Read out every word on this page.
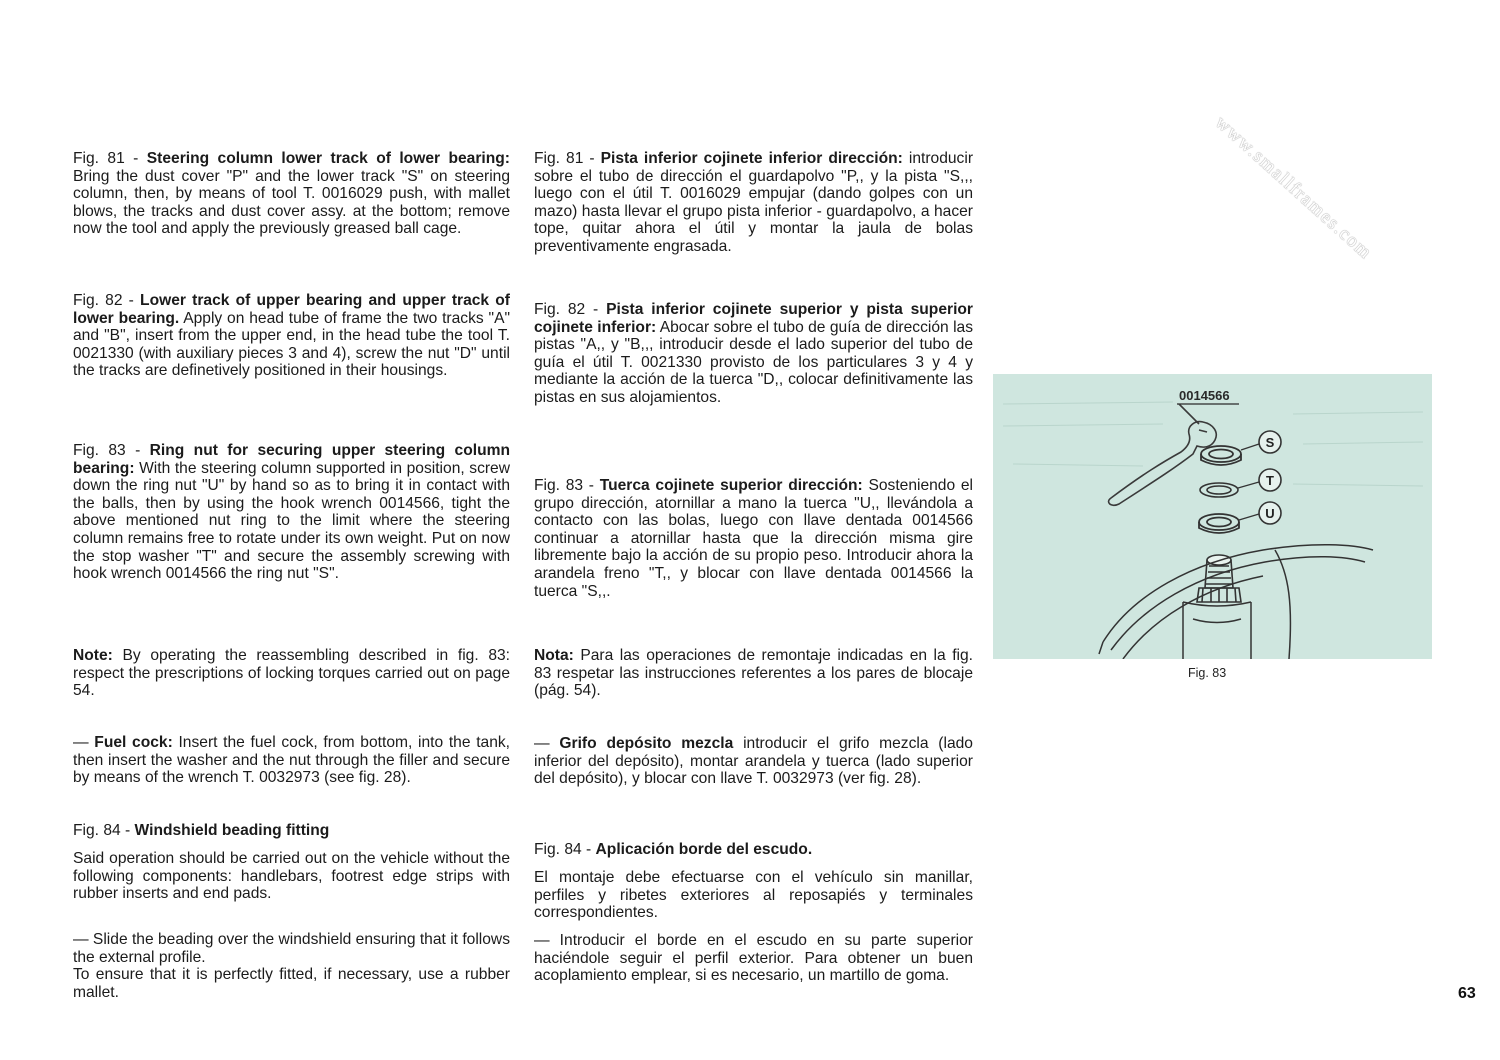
www.smallframes.com

Fig. 81 - Steering column lower track of lower bearing: Bring the dust cover "P" and the lower track "S" on steering column, then, by means of tool T. 0016029 push, with mallet blows, the tracks and dust cover assy. at the bottom; remove now the tool and apply the previously greased ball cage.

Fig. 82 - Lower track of upper bearing and upper track of lower bearing. Apply on head tube of frame the two tracks "A" and "B", insert from the upper end, in the head tube the tool T. 0021330 (with auxiliary pieces 3 and 4), screw the nut "D" until the tracks are definetively positioned in their housings.

Fig. 83 - Ring nut for securing upper steering column bearing: With the steering column supported in position, screw down the ring nut "U" by hand so as to bring it in contact with the balls, then by using the hook wrench 0014566, tight the above mentioned nut ring to the limit where the steering column remains free to rotate under its own weight. Put on now the stop washer "T" and secure the assembly screwing with hook wrench 0014566 the ring nut "S".

Note: By operating the reassembling described in fig. 83: respect the prescriptions of locking torques carried out on page 54.

— Fuel cock: Insert the fuel cock, from bottom, into the tank, then insert the washer and the nut through the filler and secure by means of the wrench T. 0032973 (see fig. 28).

Fig. 84 - Windshield beading fitting

Said operation should be carried out on the vehicle without the following components: handlebars, footrest edge strips with rubber inserts and end pads.

— Slide the beading over the windshield ensuring that it follows the external profile.
To ensure that it is perfectly fitted, if necessary, use a rubber mallet.

Fig. 81 - Pista inferior cojinete inferior dirección: introducir sobre el tubo de dirección el guardapolvo "P,, y la pista "S,,, luego con el útil T. 0016029 empujar (dando golpes con un mazo) hasta llevar el grupo pista inferior - guardapolvo, a hacer tope, quitar ahora el útil y montar la jaula de bolas preventivamente engrasada.

Fig. 82 - Pista inferior cojinete superior y pista superior cojinete inferior: Abocar sobre el tubo de guía de dirección las pistas "A,, y "B,,, introducir desde el lado superior del tubo de guía el útil T. 0021330 provisto de los particulares 3 y 4 y mediante la acción de la tuerca "D,, colocar definitivamente las pistas en sus alojamientos.

Fig. 83 - Tuerca cojinete superior dirección: Sosteniendo el grupo dirección, atornillar a mano la tuerca "U,, llevándola a contacto con las bolas, luego con llave dentada 0014566 continuar a atornillar hasta que la dirección misma gire libremente bajo la acción de su propio peso. Introducir ahora la arandela freno "T,, y blocar con llave dentada 0014566 la tuerca "S,,.

Nota: Para las operaciones de remontaje indicadas en la fig. 83 respetar las instrucciones referentes a los pares de blocaje (pág. 54).

— Grifo depósito mezcla introducir el grifo mezcla (lado inferior del depósito), montar arandela y tuerca (lado superior del depósito), y blocar con llave T. 0032973 (ver fig. 28).

Fig. 84 - Aplicación borde del escudo.

El montaje debe efectuarse con el vehículo sin manillar, perfiles y ribetes exteriores al reposapiés y terminales correspondientes.

— Introducir el borde en el escudo en su parte superior haciéndole seguir el perfil exterior. Para obtener un buen acoplamiento emplear, si es necesario, un martillo de goma.

0014566
S
T
U
Fig. 83
63
